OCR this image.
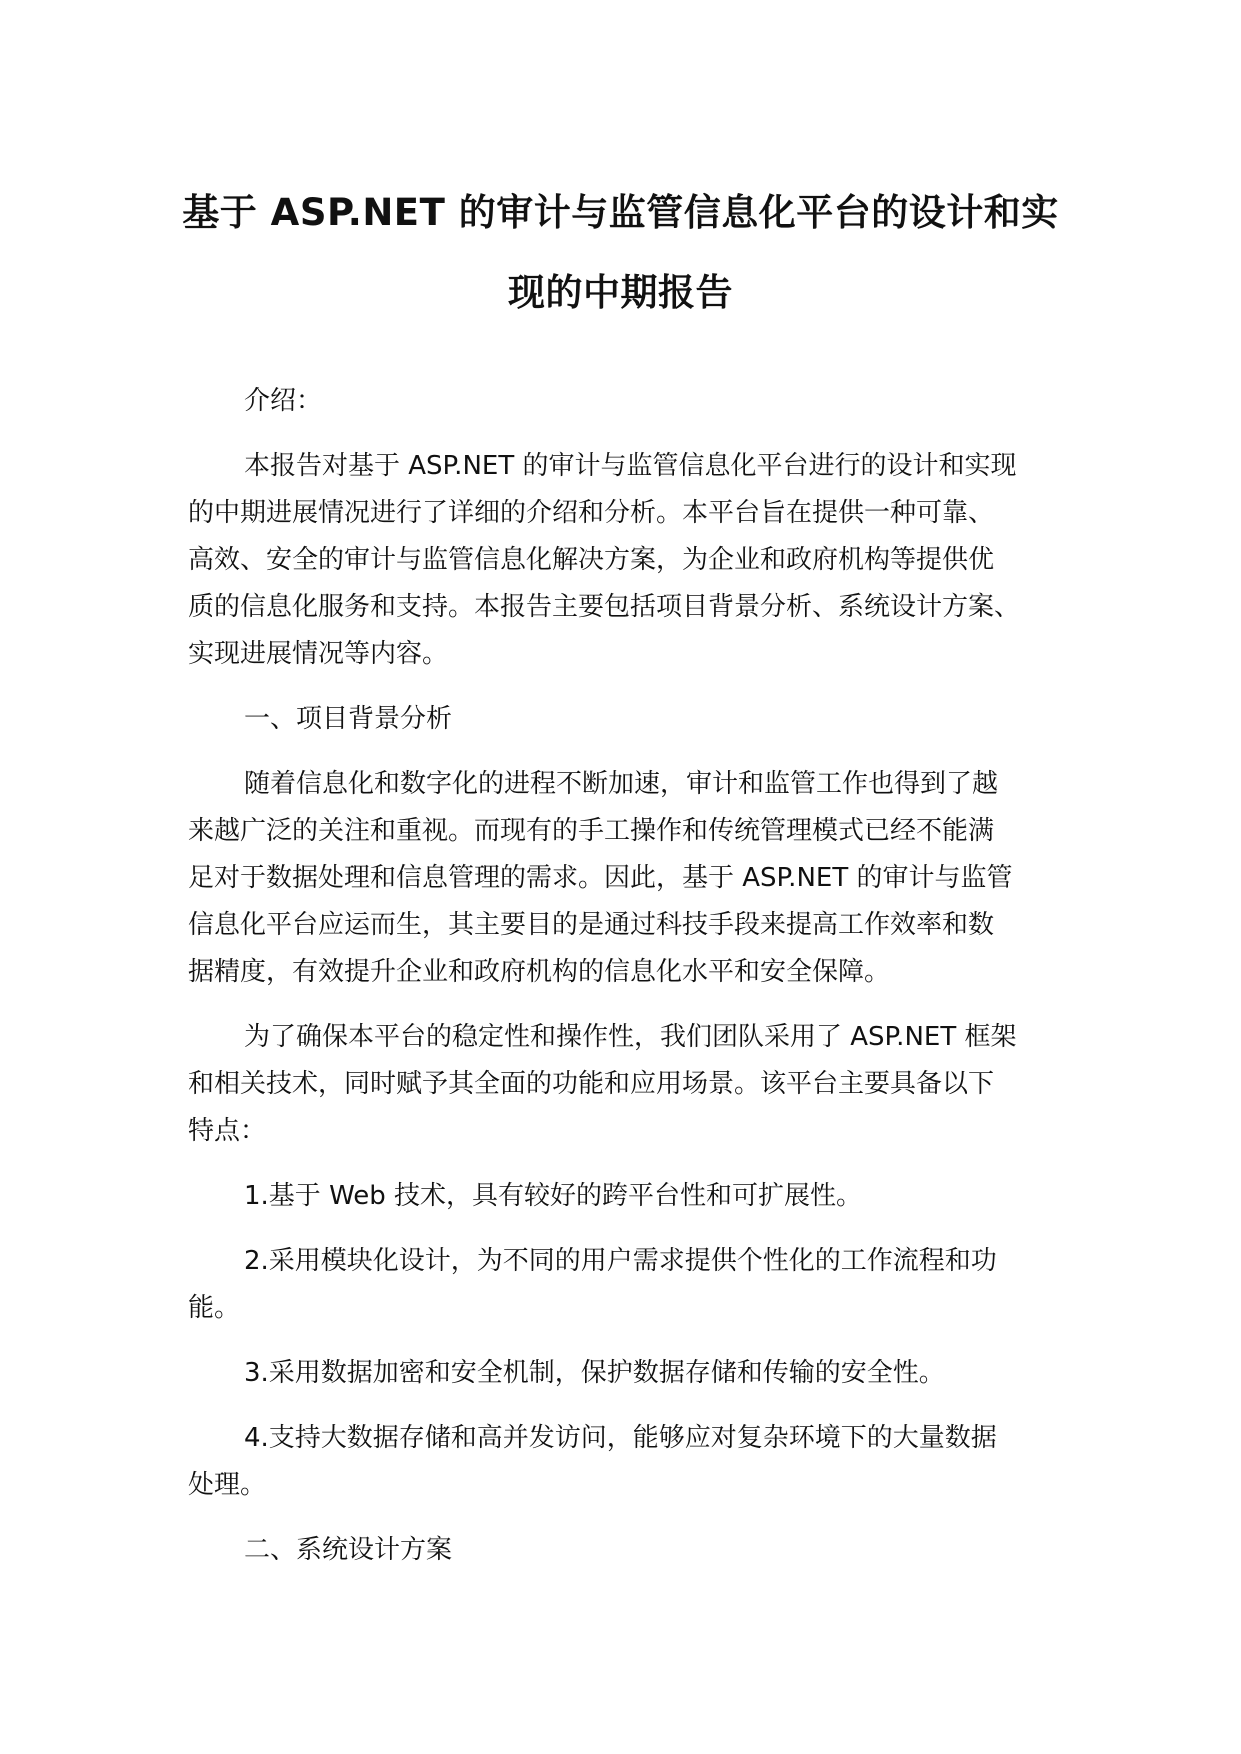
基于 ASP.NET 的审计与监管信息化平台的设计和实
现的中期报告

介绍：

本报告对基于 ASP.NET 的审计与监管信息化平台进行的设计和实现
的中期进展情况进行了详细的介绍和分析。本平台旨在提供一种可靠、
高效、安全的审计与监管信息化解决方案，为企业和政府机构等提供优
质的信息化服务和支持。本报告主要包括项目背景分析、系统设计方案、
实现进展情况等内容。

一、项目背景分析

随着信息化和数字化的进程不断加速，审计和监管工作也得到了越
来越广泛的关注和重视。而现有的手工操作和传统管理模式已经不能满
足对于数据处理和信息管理的需求。因此，基于 ASP.NET 的审计与监管
信息化平台应运而生，其主要目的是通过科技手段来提高工作效率和数
据精度，有效提升企业和政府机构的信息化水平和安全保障。

为了确保本平台的稳定性和操作性，我们团队采用了 ASP.NET 框架
和相关技术，同时赋予其全面的功能和应用场景。该平台主要具备以下
特点：

1.基于 Web 技术，具有较好的跨平台性和可扩展性。

2.采用模块化设计，为不同的用户需求提供个性化的工作流程和功
能。

3.采用数据加密和安全机制，保护数据存储和传输的安全性。

4.支持大数据存储和高并发访问，能够应对复杂环境下的大量数据
处理。

二、系统设计方案
